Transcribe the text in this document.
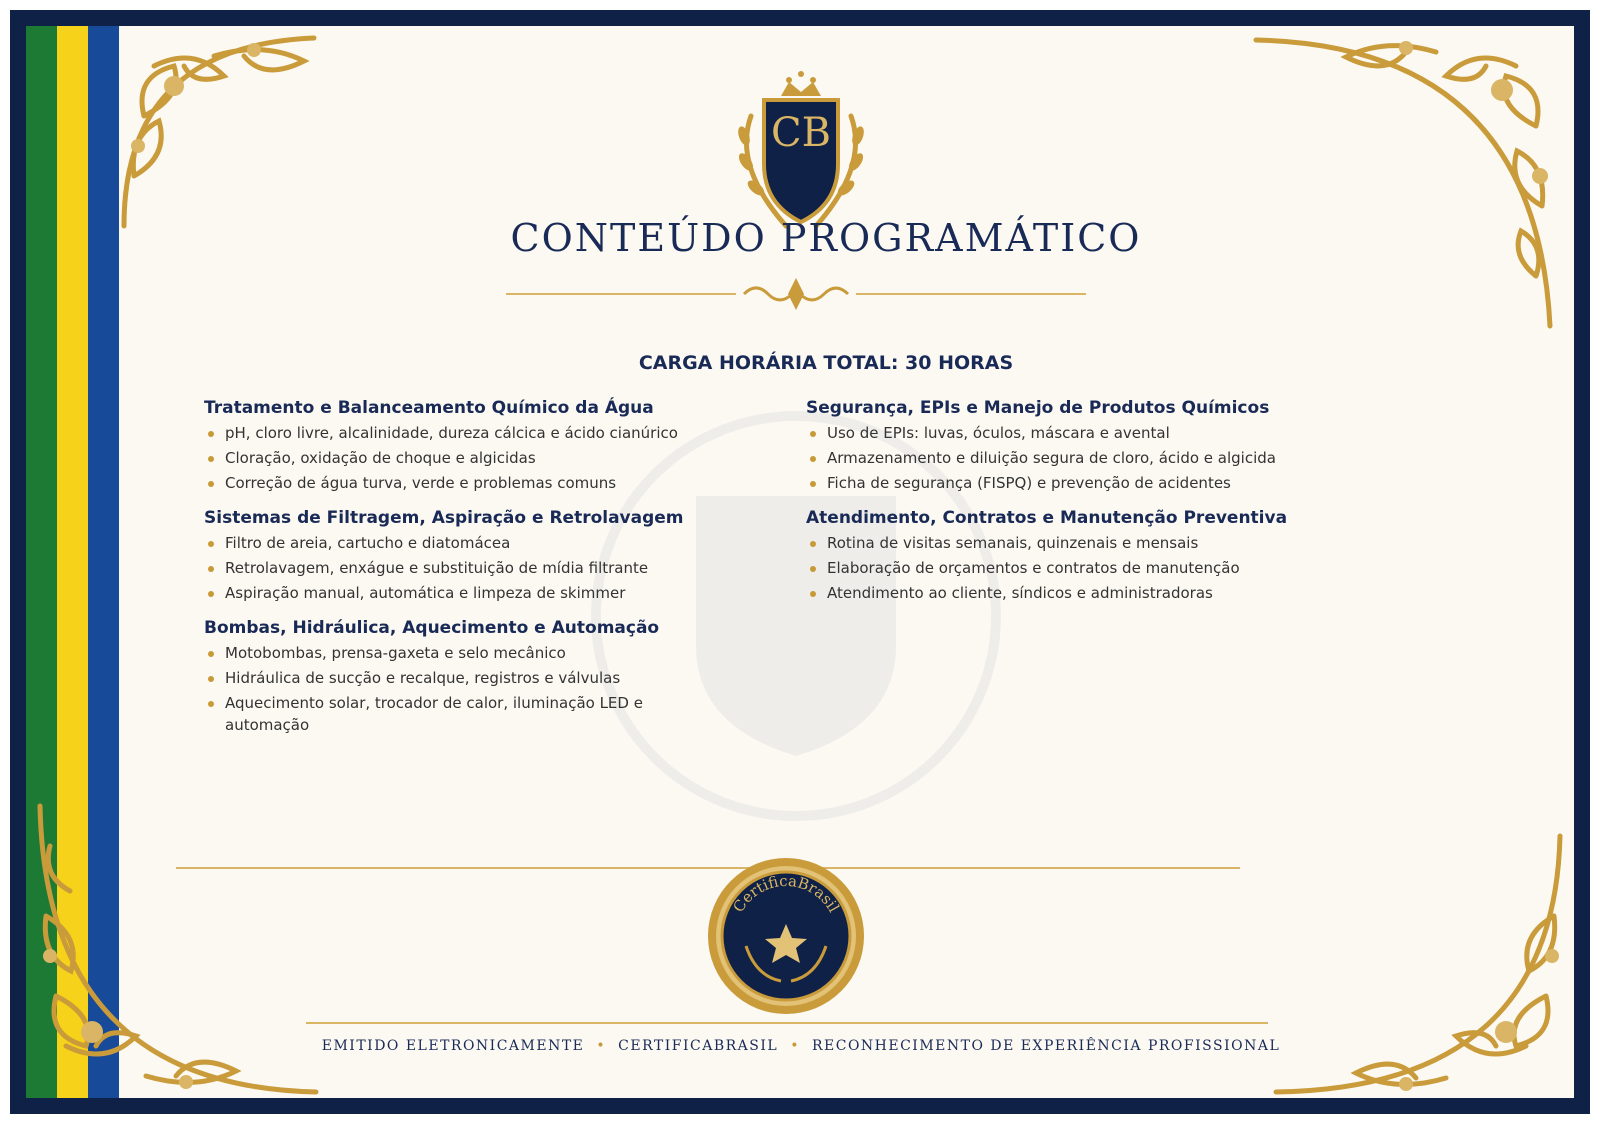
CB
CONTEÚDO PROGRAMÁTICO
CARGA HORÁRIA TOTAL: 30 HORAS
Tratamento e Balanceamento Químico da Água
pH, cloro livre, alcalinidade, dureza cálcica e ácido cianúrico
Cloração, oxidação de choque e algicidas
Correção de água turva, verde e problemas comuns
Sistemas de Filtragem, Aspiração e Retrolavagem
Filtro de areia, cartucho e diatomácea
Retrolavagem, enxágue e substituição de mídia filtrante
Aspiração manual, automática e limpeza de skimmer
Bombas, Hidráulica, Aquecimento e Automação
Motobombas, prensa-gaxeta e selo mecânico
Hidráulica de sucção e recalque, registros e válvulas
Aquecimento solar, trocador de calor, iluminação LED e automação
Segurança, EPIs e Manejo de Produtos Químicos
Uso de EPIs: luvas, óculos, máscara e avental
Armazenamento e diluição segura de cloro, ácido e algicida
Ficha de segurança (FISPQ) e prevenção de acidentes
Atendimento, Contratos e Manutenção Preventiva
Rotina de visitas semanais, quinzenais e mensais
Elaboração de orçamentos e contratos de manutenção
Atendimento ao cliente, síndicos e administradoras
CertificaBrasil
EMITIDO ELETRONICAMENTE • CERTIFICABRASIL • RECONHECIMENTO DE EXPERIÊNCIA PROFISSIONAL
